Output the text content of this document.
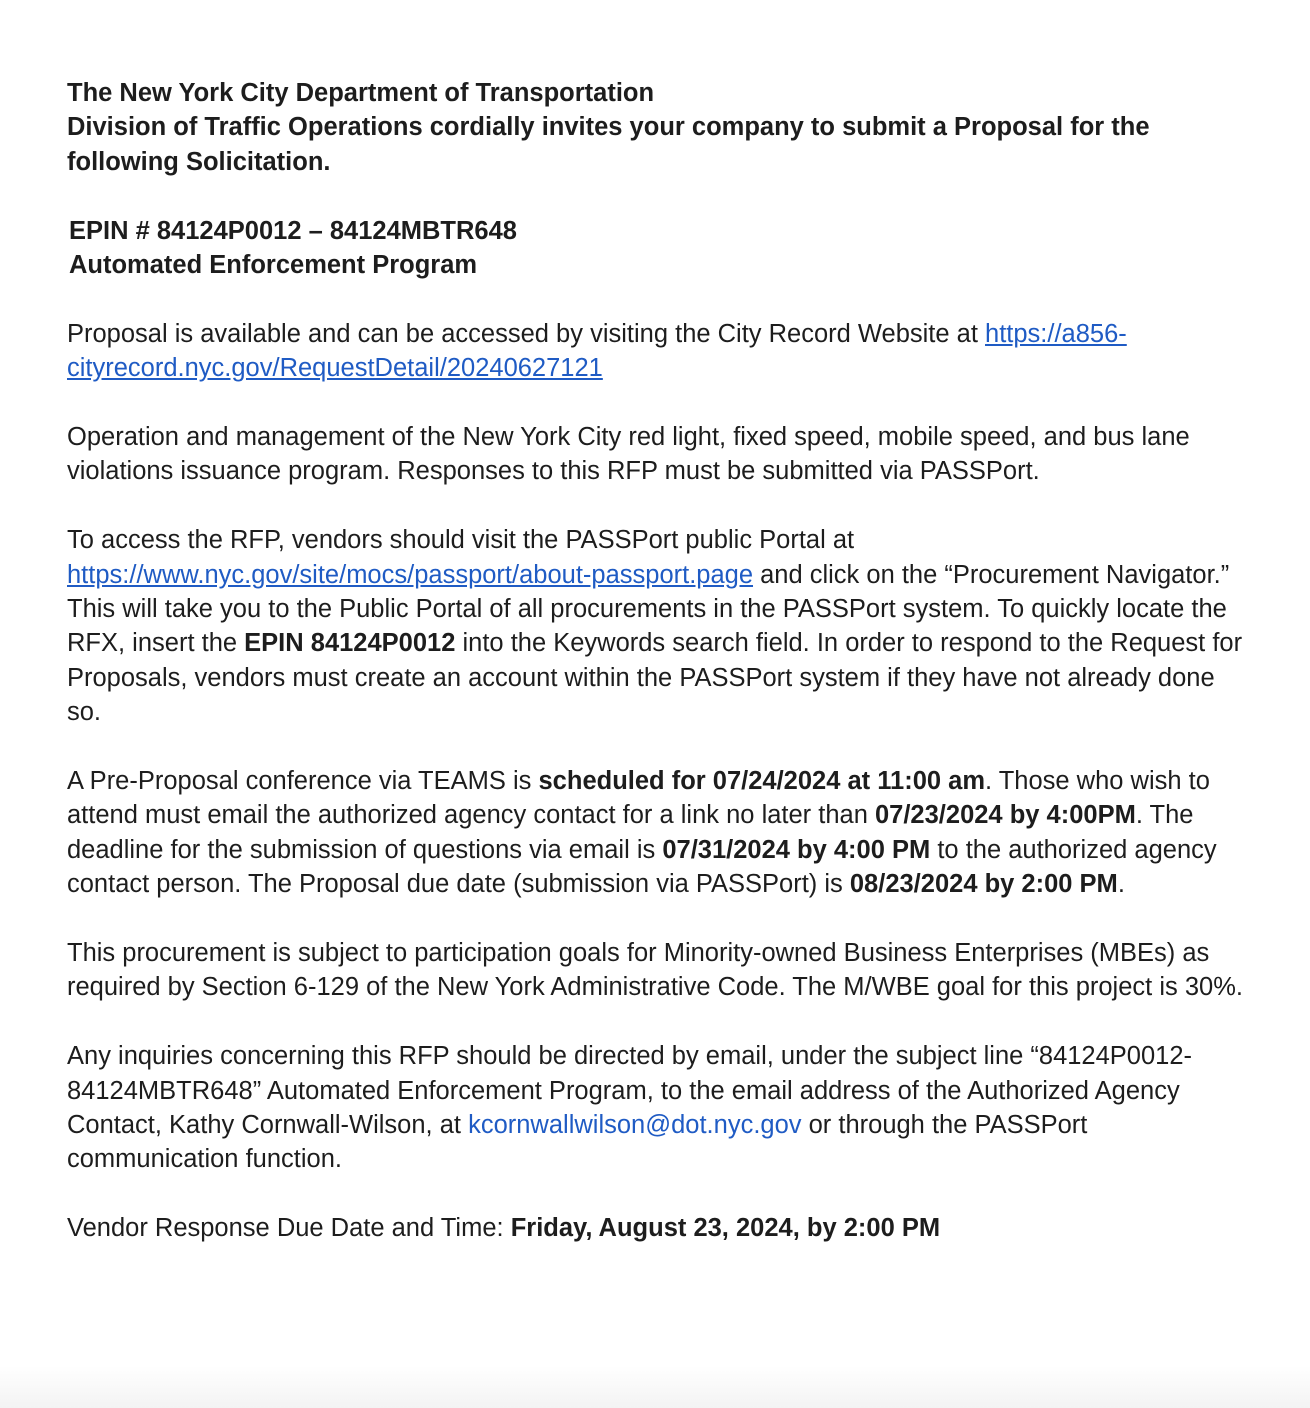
The New York City Department of Transportation
Division of Traffic Operations cordially invites your company to submit a Proposal for the following Solicitation.

EPIN # 84124P0012 – 84124MBTR648
Automated Enforcement Program

Proposal is available and can be accessed by visiting the City Record Website at https://a856-cityrecord.nyc.gov/RequestDetail/20240627121

Operation and management of the New York City red light, fixed speed, mobile speed, and bus lane violations issuance program. Responses to this RFP must be submitted via PASSPort.

To access the RFP, vendors should visit the PASSPort public Portal at https://www.nyc.gov/site/mocs/passport/about-passport.page and click on the “Procurement Navigator.” This will take you to the Public Portal of all procurements in the PASSPort system. To quickly locate the RFX, insert the EPIN 84124P0012 into the Keywords search field. In order to respond to the Request for Proposals, vendors must create an account within the PASSPort system if they have not already done so.

A Pre-Proposal conference via TEAMS is scheduled for 07/24/2024 at 11:00 am. Those who wish to attend must email the authorized agency contact for a link no later than 07/23/2024 by 4:00PM. The deadline for the submission of questions via email is 07/31/2024 by 4:00 PM to the authorized agency contact person. The Proposal due date (submission via PASSPort) is 08/23/2024 by 2:00 PM.

This procurement is subject to participation goals for Minority-owned Business Enterprises (MBEs) as required by Section 6-129 of the New York Administrative Code. The M/WBE goal for this project is 30%.

Any inquiries concerning this RFP should be directed by email, under the subject line “84124P0012-84124MBTR648” Automated Enforcement Program, to the email address of the Authorized Agency Contact, Kathy Cornwall-Wilson, at kcornwallwilson@dot.nyc.gov or through the PASSPort communication function.

Vendor Response Due Date and Time: Friday, August 23, 2024, by 2:00 PM
